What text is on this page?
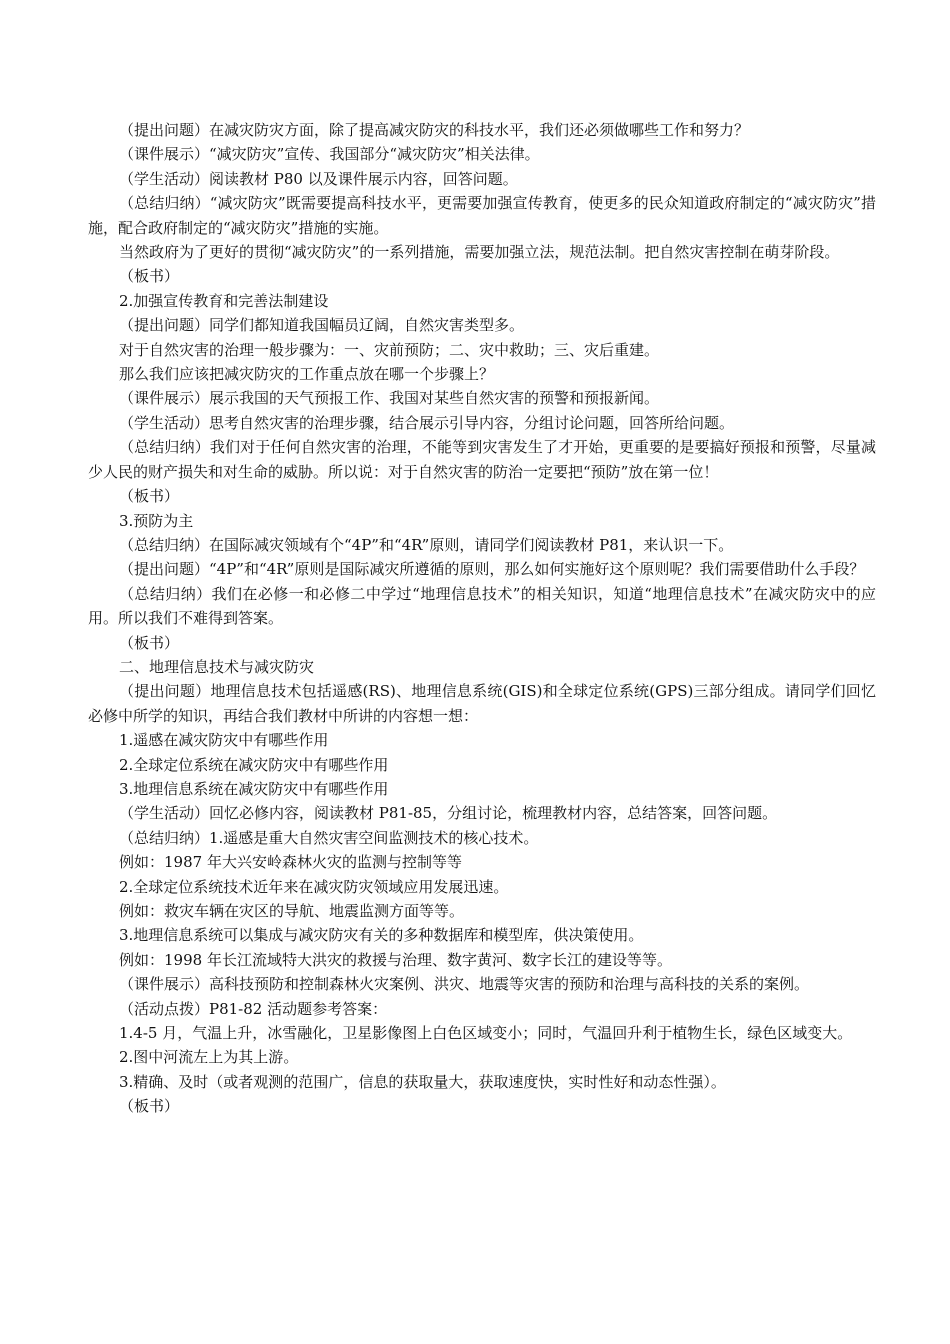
（提出问题）在减灾防灾方面，除了提高减灾防灾的科技水平，我们还必须做哪些工作和努力？

（课件展示）“减灾防灾”宣传、我国部分“减灾防灾”相关法律。

（学生活动）阅读教材 P80 以及课件展示内容，回答问题。

（总结归纳）“减灾防灾”既需要提高科技水平，更需要加强宣传教育，使更多的民众知道政府制定的“减灾防灾”措施，配合政府制定的“减灾防灾”措施的实施。

当然政府为了更好的贯彻“减灾防灾”的一系列措施，需要加强立法，规范法制。把自然灾害控制在萌芽阶段。

（板书）

2.加强宣传教育和完善法制建设

（提出问题）同学们都知道我国幅员辽阔，自然灾害类型多。

对于自然灾害的治理一般步骤为：一、灾前预防；二、灾中救助；三、灾后重建。

那么我们应该把减灾防灾的工作重点放在哪一个步骤上？

（课件展示）展示我国的天气预报工作、我国对某些自然灾害的预警和预报新闻。

（学生活动）思考自然灾害的治理步骤，结合展示引导内容，分组讨论问题，回答所给问题。

（总结归纳）我们对于任何自然灾害的治理，不能等到灾害发生了才开始，更重要的是要搞好预报和预警，尽量减少人民的财产损失和对生命的威胁。所以说：对于自然灾害的防治一定要把“预防”放在第一位！

（板书）

3.预防为主

（总结归纳）在国际减灾领域有个“4P”和“4R”原则，请同学们阅读教材 P81，来认识一下。

（提出问题）“4P”和“4R”原则是国际减灾所遵循的原则，那么如何实施好这个原则呢？我们需要借助什么手段？

（总结归纳）我们在必修一和必修二中学过“地理信息技术”的相关知识，知道“地理信息技术”在减灾防灾中的应用。所以我们不难得到答案。

（板书）

二、地理信息技术与减灾防灾

（提出问题）地理信息技术包括遥感(RS)、地理信息系统(GIS)和全球定位系统(GPS)三部分组成。请同学们回忆必修中所学的知识，再结合我们教材中所讲的内容想一想：

1.遥感在减灾防灾中有哪些作用

2.全球定位系统在减灾防灾中有哪些作用

3.地理信息系统在减灾防灾中有哪些作用

（学生活动）回忆必修内容，阅读教材 P81-85，分组讨论，梳理教材内容，总结答案，回答问题。

（总结归纳）1.遥感是重大自然灾害空间监测技术的核心技术。

例如：1987 年大兴安岭森林火灾的监测与控制等等

2.全球定位系统技术近年来在减灾防灾领域应用发展迅速。

例如：救灾车辆在灾区的导航、地震监测方面等等。

3.地理信息系统可以集成与减灾防灾有关的多种数据库和模型库，供决策使用。

例如：1998 年长江流域特大洪灾的救援与治理、数字黄河、数字长江的建设等等。

（课件展示）高科技预防和控制森林火灾案例、洪灾、地震等灾害的预防和治理与高科技的关系的案例。

（活动点拨）P81-82 活动题参考答案：

1.4-5 月，气温上升，冰雪融化，卫星影像图上白色区域变小；同时，气温回升利于植物生长，绿色区域变大。

2.图中河流左上为其上游。

3.精确、及时（或者观测的范围广，信息的获取量大，获取速度快，实时性好和动态性强）。

（板书）
